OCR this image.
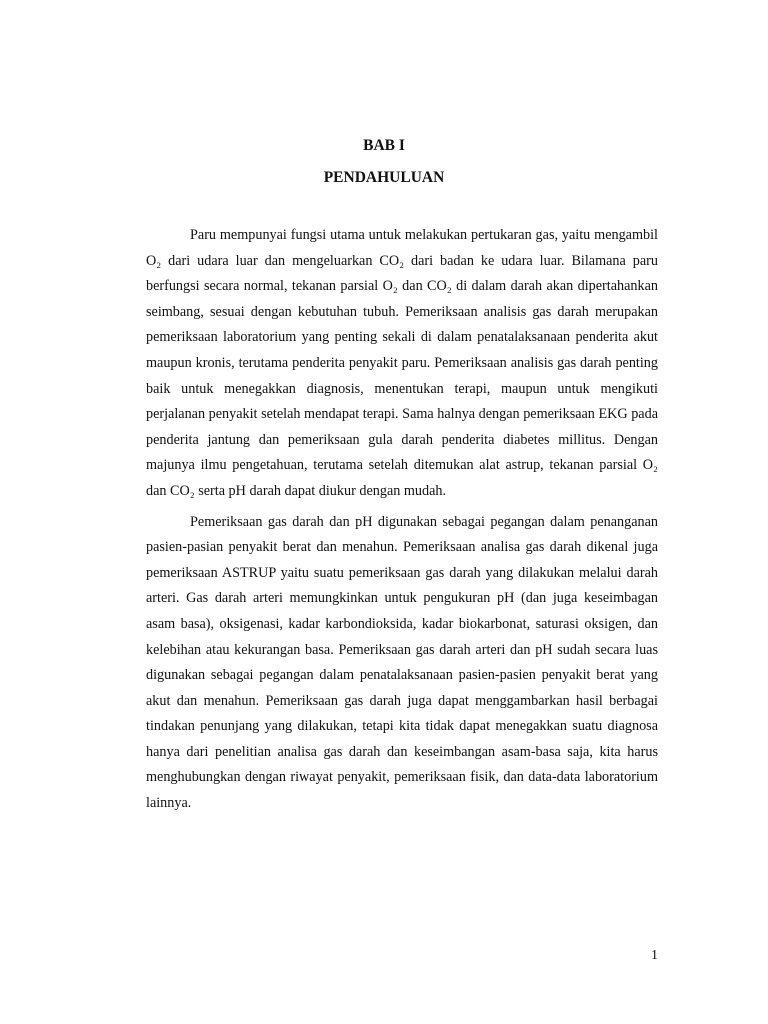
BAB I
PENDAHULUAN

Paru mempunyai fungsi utama untuk melakukan pertukaran gas, yaitu mengambil O₂ dari udara luar dan mengeluarkan CO₂ dari badan ke udara luar. Bilamana paru berfungsi secara normal, tekanan parsial O₂ dan CO₂ di dalam darah akan dipertahankan seimbang, sesuai dengan kebutuhan tubuh. Pemeriksaan analisis gas darah merupakan pemeriksaan laboratorium yang penting sekali di dalam penatalaksanaan penderita akut maupun kronis, terutama penderita penyakit paru. Pemeriksaan analisis gas darah penting baik untuk menegakkan diagnosis, menentukan terapi, maupun untuk mengikuti perjalanan penyakit setelah mendapat terapi. Sama halnya dengan pemeriksaan EKG pada penderita jantung dan pemeriksaan gula darah penderita diabetes millitus. Dengan majunya ilmu pengetahuan, terutama setelah ditemukan alat astrup, tekanan parsial O₂ dan CO₂ serta pH darah dapat diukur dengan mudah.

Pemeriksaan gas darah dan pH digunakan sebagai pegangan dalam penanganan pasien-pasian penyakit berat dan menahun. Pemeriksaan analisa gas darah dikenal juga pemeriksaan ASTRUP yaitu suatu pemeriksaan gas darah yang dilakukan melalui darah arteri. Gas darah arteri memungkinkan untuk pengukuran pH (dan juga keseimbagan asam basa), oksigenasi, kadar karbondioksida, kadar biokarbonat, saturasi oksigen, dan kelebihan atau kekurangan basa. Pemeriksaan gas darah arteri dan pH sudah secara luas digunakan sebagai pegangan dalam penatalaksanaan pasien-pasien penyakit berat yang akut dan menahun. Pemeriksaan gas darah juga dapat menggambarkan hasil berbagai tindakan penunjang yang dilakukan, tetapi kita tidak dapat menegakkan suatu diagnosa hanya dari penelitian analisa gas darah dan keseimbangan asam-basa saja, kita harus menghubungkan dengan riwayat penyakit, pemeriksaan fisik, dan data-data laboratorium lainnya.

1
